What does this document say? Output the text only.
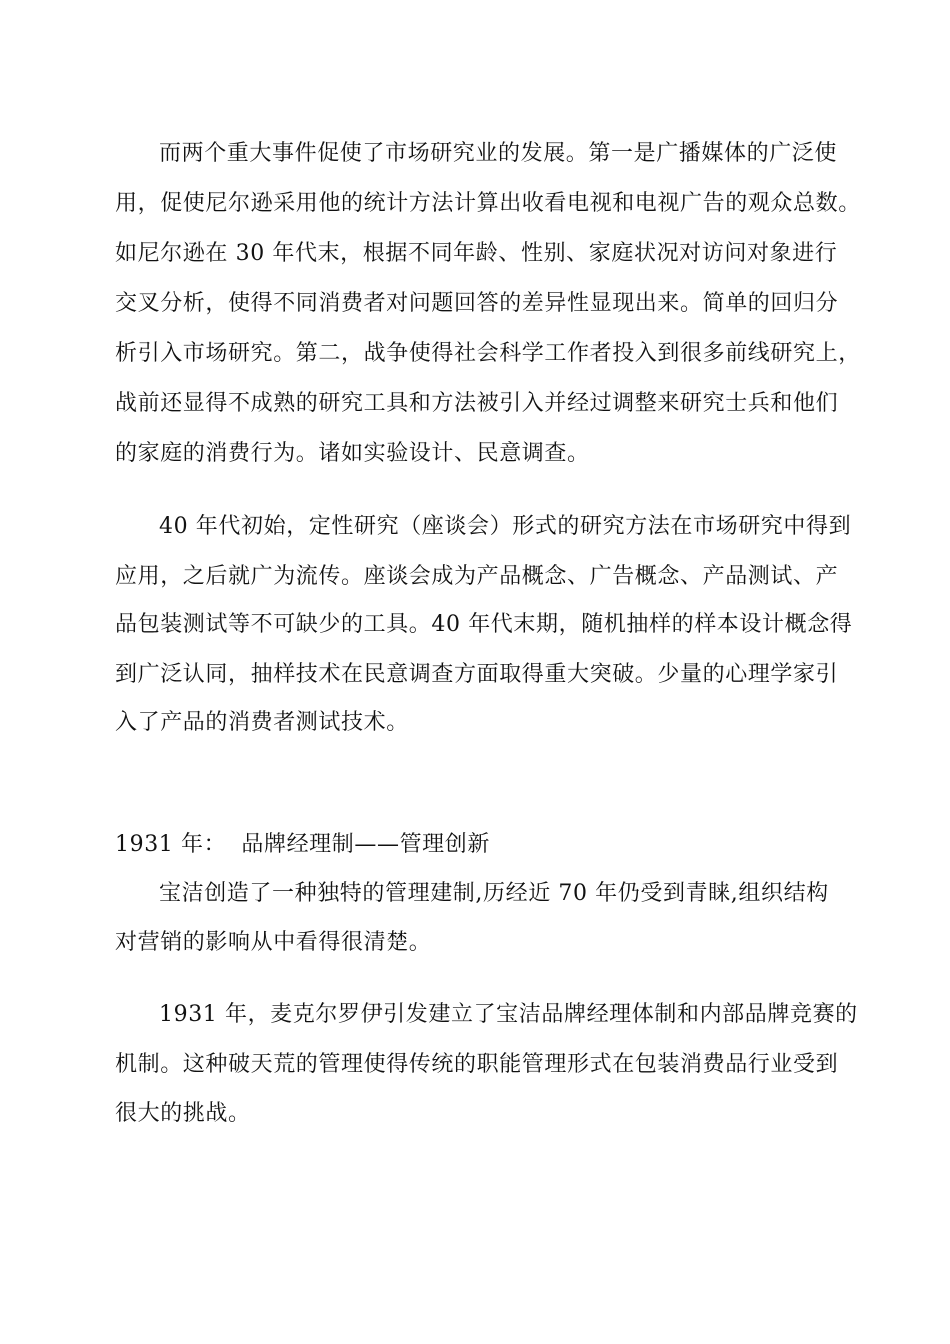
而两个重大事件促使了市场研究业的发展。第一是广播媒体的广泛使
用，促使尼尔逊采用他的统计方法计算出收看电视和电视广告的观众总数。
如尼尔逊在 30 年代末，根据不同年龄、性别、家庭状况对访问对象进行
交叉分析，使得不同消费者对问题回答的差异性显现出来。简单的回归分
析引入市场研究。第二，战争使得社会科学工作者投入到很多前线研究上，
战前还显得不成熟的研究工具和方法被引入并经过调整来研究士兵和他们
的家庭的消费行为。诸如实验设计、民意调查。
40 年代初始，定性研究（座谈会）形式的研究方法在市场研究中得到
应用，之后就广为流传。座谈会成为产品概念、广告概念、产品测试、产
品包装测试等不可缺少的工具。40 年代末期，随机抽样的样本设计概念得
到广泛认同，抽样技术在民意调查方面取得重大突破。少量的心理学家引
入了产品的消费者测试技术。
1931 年：  品牌经理制——管理创新
宝洁创造了一种独特的管理建制,历经近 70 年仍受到青睐,组织结构
对营销的影响从中看得很清楚。
1931 年，麦克尔罗伊引发建立了宝洁品牌经理体制和内部品牌竞赛的
机制。这种破天荒的管理使得传统的职能管理形式在包装消费品行业受到
很大的挑战。
